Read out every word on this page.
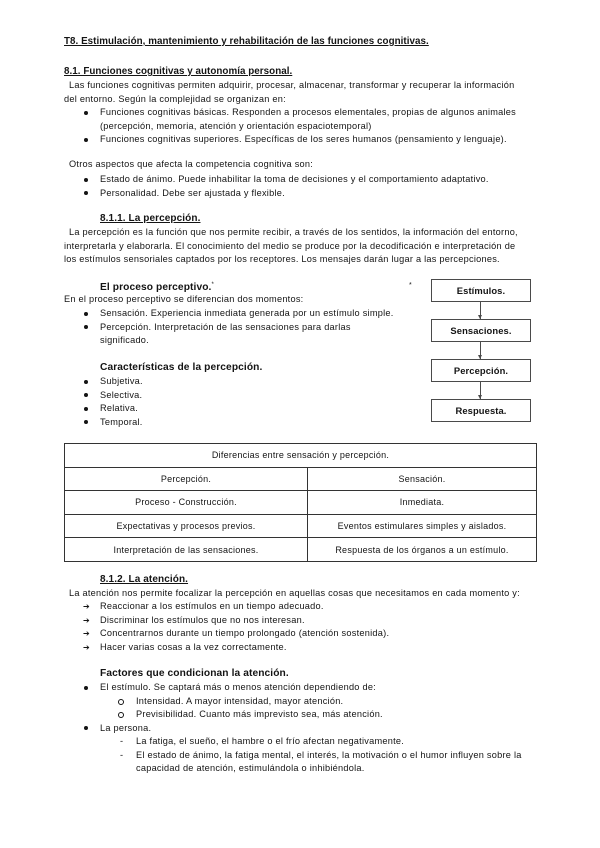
T8. Estimulación, mantenimiento y rehabilitación de las funciones cognitivas.
8.1. Funciones cognitivas y autonomía personal.
Las funciones cognitivas permiten adquirir, procesar, almacenar, transformar y recuperar la información
del entorno. Según la complejidad se organizan en:
Funciones cognitivas básicas. Responden a procesos elementales, propias de algunos animales
(percepción, memoria, atención y orientación espaciotemporal)
Funciones cognitivas superiores. Específicas de los seres humanos (pensamiento y lenguaje).
Otros aspectos que afecta la competencia cognitiva son:
Estado de ánimo. Puede inhabilitar la toma de decisiones y el comportamiento adaptativo.
Personalidad. Debe ser ajustada y flexible.
8.1.1. La percepción.
La percepción es la función que nos permite recibir, a través de los sentidos, la información del entorno,
interpretarla y elaborarla. El conocimiento del medio se produce por la decodificación e interpretación de
los estímulos sensoriales captados por los receptores. Los mensajes darán lugar a las percepciones.
El proceso perceptivo.*	*
En el proceso perceptivo se diferencian dos momentos:
Sensación. Experiencia inmediata generada por un estímulo simple.
Percepción. Interpretación de las sensaciones para darlas
significado.
Características de la percepción.
Subjetiva.
Selectiva.
Relativa.
Temporal.
Estímulos.
Sensaciones.
Percepción.
Respuesta.
Diferencias entre sensación y percepción.	
Percepción.	Sensación.
Proceso - Construcción.	Inmediata.
Expectativas y procesos previos.	Eventos estimulares simples y aislados.
Interpretación de las sensaciones.	Respuesta de los órganos a un estímulo.
8.1.2. La atención.
La atención nos permite focalizar la percepción en aquellas cosas que necesitamos en cada momento y:
➔ Reaccionar a los estímulos en un tiempo adecuado.
➔ Discriminar los estímulos que no nos interesan.
➔ Concentrarnos durante un tiempo prolongado (atención sostenida).
➔ Hacer varias cosas a la vez correctamente.
Factores que condicionan la atención.
El estímulo. Se captará más o menos atención dependiendo de:
Intensidad. A mayor intensidad, mayor atención.
Previsibilidad. Cuanto más imprevisto sea, más atención.
La persona.
- La fatiga, el sueño, el hambre o el frío afectan negativamente.
- El estado de ánimo, la fatiga mental, el interés, la motivación o el humor influyen sobre la
capacidad de atención, estimulándola o inhibiéndola.
